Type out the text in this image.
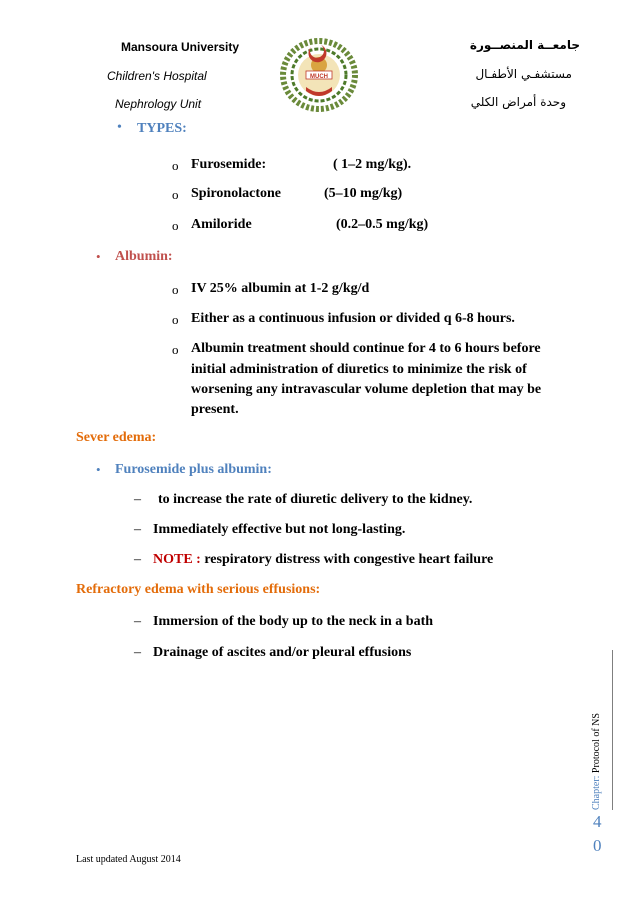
Mansoura University
Children's Hospital
Nephrology Unit
جامعــة المنصــورة
مستشفـي الأطفـال
وحدة أمراض الكلي
MUCH
• TYPES:
o Furosemide:	( 1–2 mg/kg).
o Spironolactone	(5–10 mg/kg)
o Amiloride	(0.2–0.5 mg/kg)
• Albumin:
o IV 25% albumin at 1-2 g/kg/d
o Either as a continuous infusion or divided q 6-8 hours.
o Albumin treatment should continue for 4 to 6 hours before
initial administration of diuretics to minimize the risk of
worsening any intravascular volume depletion that may be
present.
Sever edema:
• Furosemide plus albumin:
– to increase the rate of diuretic delivery to the kidney.
– Immediately effective but not long-lasting.
– NOTE : respiratory distress with congestive heart failure
Refractory edema with serious effusions:
– Immersion of the body up to the neck in a bath
– Drainage of ascites and/or pleural effusions
Chapter: Protocol of NS
4
0
Last updated August 2014
